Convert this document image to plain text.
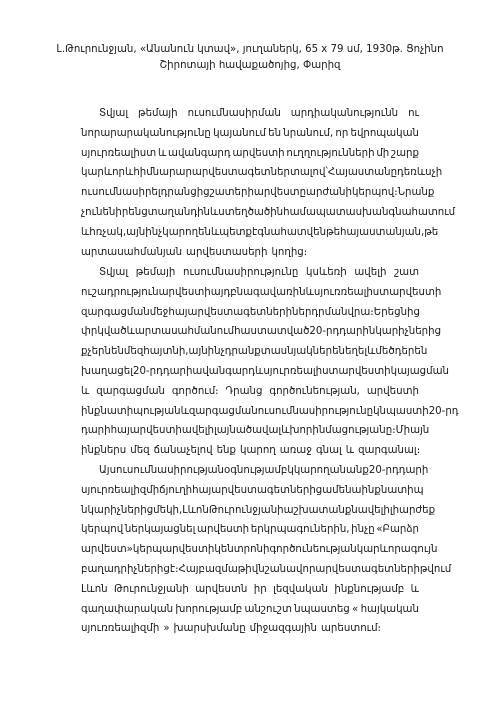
Լ.Թուրունջյան, «Անանուն կտավ», յուղաներկ, 65 x 79 սմ, 1930թ. Ցոչինո
Շիրոտայի հավաքածոյից, Փարիզ
Տվյալ թեմայի ուսումնասիրման արդիականությունն ու
նորարարականությունը կայանում են նրանում, որ եվրոպական
սյուրռեալիստ և ավանգարդ արվեստի ուղղությունների մի շարք
կարևոր և հիմնարար արվեստագետներ տալով՝ Հայաստանը դեռևս չի
ուսումնասիրել դրանցից շատերի արվեստը արժանի կերպով ։ Նրանք
չունեն իրենց տաղանդին և ստեղծածին համապատասխան գնահատում
և հռչակ, այնինչ կարող են և պետք է գնահատվեն թե հայաստանյան, թե
արտասահմանյան արվեստասերի կողից։
Տվյալ թեմայի ուսումնասիրությունը կսևեռի ավելի շատ
ուշադրություն արվեստի այդ բնագավառին և սյուռռեալիստ արվեստի
զարգացման մեջ հայ արվեստագետների ներդրման վրա։ Երեցնից
փրկված և արտասահմանում հաստատված 20-րդ դարի նկարիչներից
քչերն են մեզ հայտնի, այնինչ դրանք տասնյակներ են եղել և մեծ դեր են
խաղացել 20-րդ դարի ավանգարդ և սյուրռեալիստ արվեստի կայացման
և զարգացման գործում։ Դրանց գործունեության, արվեստի
ինքնատիպության և զարգացման ուսումնասիրությունը կնպաստի 20-րդ
դարի հայ արվեստի ավելի լայնածավալ և խոր ինմացությանը։ Միայն
ինքներս մեզ ճանաչելով ենք կարող առաջ գնալ և զարգանալ։
Այս ուսումնասիրության օգնությամբ կկարողանանք 20-րդ դարի
սյուրռեալիզմի ճյուղի հայ արվեստագետներից ամենաինքնատիպ
նկարիչներից մեկի, Լևոն Թուրունջյանի աշխատանքն ավելի լիարժեք
կերպով ներկայացնել արվեստի երկրպագուներին, ինչը «Բարձր
արվեստ» կերպարվեստի կենտրոնի գործունեության կարևորագույն
բաղադրիչներից է։ Հայ բազմաթիվ նշանավոր արվեստագետների թվում
Լևոն Թուրունջյանի արվեստն իր լեզվական ինքնությամբ և
գաղափարական խորությամբ անշուշտ նպաստեց « հայկական
սյուռռեալիզմի » խարսխմանը միջազգային արեստում։
